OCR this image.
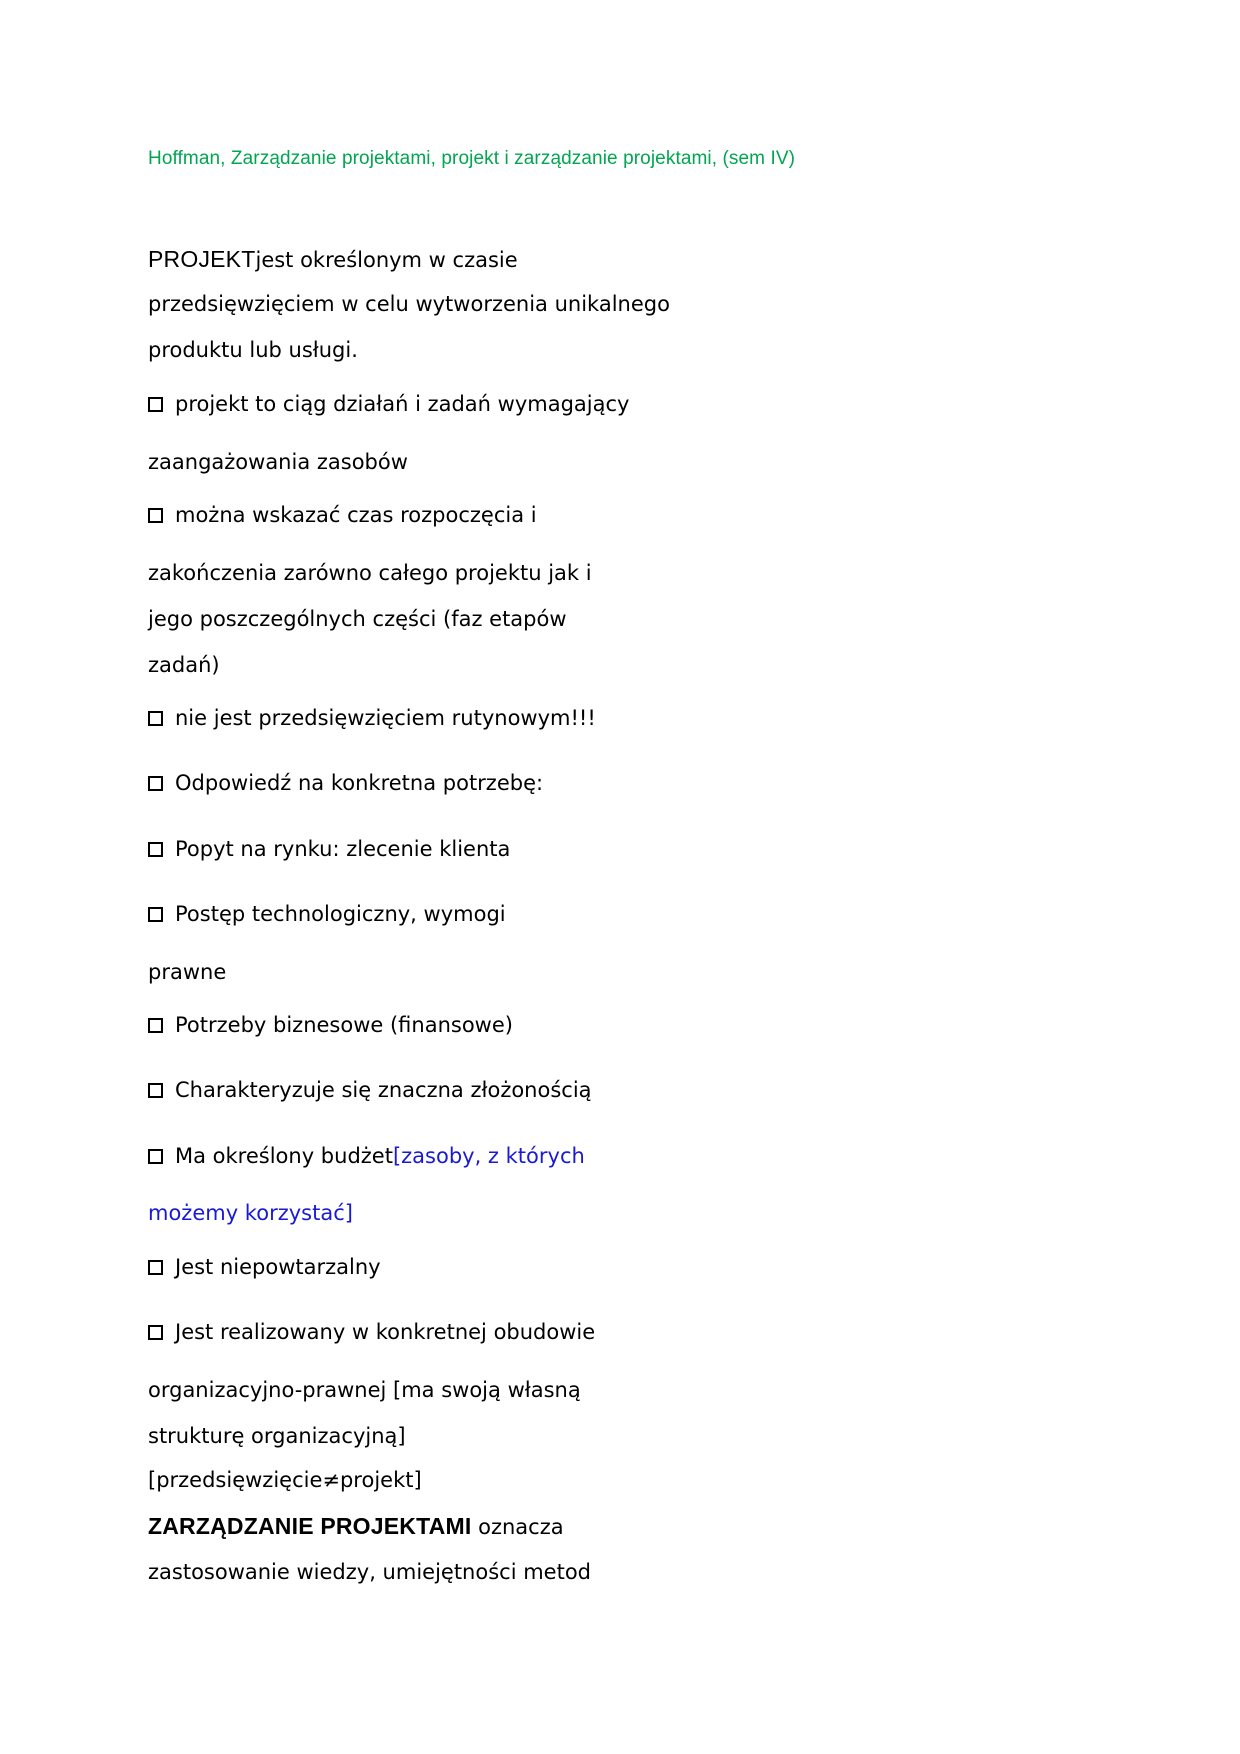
Hoffman, Zarządzanie projektami, projekt i zarządzanie projektami, (sem IV)
PROJEKTjest określonym w czasie
przedsięwzięciem w celu wytworzenia unikalnego
produktu lub usługi.
projekt to ciąg działań i zadań wymagający
zaangażowania zasobów
można wskazać czas rozpoczęcia i
zakończenia zarówno całego projektu jak i
jego poszczególnych części (faz etapów
zadań)
nie jest przedsięwzięciem rutynowym!!!
Odpowiedź na konkretna potrzebę:
Popyt na rynku: zlecenie klienta
Postęp technologiczny, wymogi
prawne
Potrzeby biznesowe (finansowe)
Charakteryzuje się znaczna złożonością
Ma określony budżet[zasoby, z których
możemy korzystać]
Jest niepowtarzalny
Jest realizowany w konkretnej obudowie
organizacyjno-prawnej [ma swoją własną
strukturę organizacyjną]
[przedsięwzięcie≠projekt]
ZARZĄDZANIE PROJEKTAMI oznacza
zastosowanie wiedzy, umiejętności metod
